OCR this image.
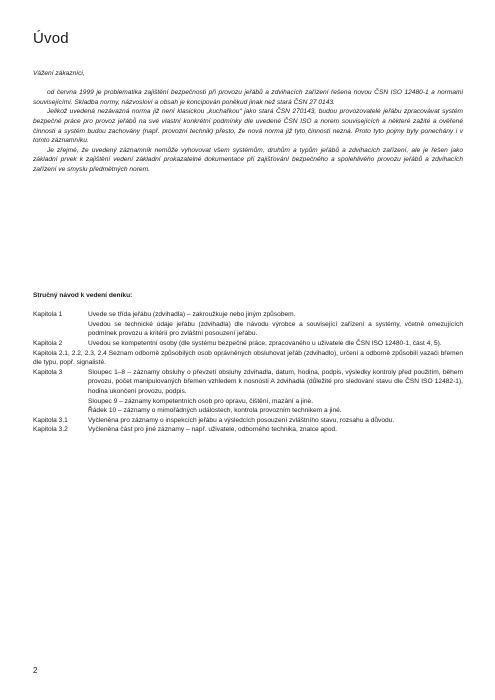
Úvod

Vážení zákazníci,

od června 1999 je problematika zajištění bezpečnosti při provozu jeřábů a zdvihacích zařízení řešena novou ČSN ISO 12480-1 a normami souvisejícími. Skladba normy, názvosloví a obsah je koncipován poněkud jinak než stará ČSN 27 0143.

Jelikož uvedená nezávazná norma již není klasickou „kuchařkou“ jako stará ČSN 270143, budou provozovatelé jeřábu zpracovávat systém bezpečné práce pro provoz jeřábů na své vlastní konkrétní podmínky dle uvedené ČSN ISO a norem souvisejících a některé zažité a ověřené činnosti a systém budou zachovány (např. provozní technik) přesto, že nová norma již tyto činnosti nezná. Proto tyto pojmy byly ponechány i v tomto záznamníku.

Je zřejmé, že uvedený záznamník nemůže vyhovovat všem systémům, druhům a typům jeřábů a zdvihacích zařízení, ale je řešen jako základní prvek k zajištění vedení základní prokazatelné dokumentace při zajišťování bezpečného a spolehlivého provozu jeřábů a zdvihacích zařízení ve smyslu předmětných norem.

Stručný návod k vedení deníku:
Kapitola 1	Uvede se třída jeřábu (zdvihadla) – zakroužkuje nebo jiným způsobem.
Uvedou se technické údaje jeřábu (zdvihadla) dle návodu výrobce a související zařízení a systémy, včetně omezujících podmínek provozu a kritérií pro zvláštní posouzení jeřábu.
Kapitola 2	Uvedou se kompetentní osoby (dle systému bezpečné práce, zpracovaného u uživatele dle ČSN ISO 12480-1, část 4, 5).
Kapitola 2.1, 2.2, 2.3, 2.4 Seznam odborně způsobilých osob oprávněných obsluhovat jeřáb (zdvihadlo), určení a odborně způsobilí vazači břemen dle typu, popř. signalisté.
Kapitola 3	Sloupec 1–8 – záznamy obsluhy o převzetí obsluhy zdvihadla, datum, hodina, podpis, výsledky kontroly před použitím, během provozu, počet manipulovaných břemen vzhledem k nosnosti A zdvihadla (důležité pro sledování stavu dle ČSN ISO 12482-1), hodina ukončení provozu, podpis.
Sloupec 9 – záznamy kompetentních osob pro opravu, čištění, mazání a jiné.
Řádek 10 – záznamy o mimořádných událostech, kontrola provozním technikem a jiné.
Kapitola 3.1	Vyčleněna pro záznamy o inspekcích jeřábu a výsledcích posouzení zvláštního stavu, rozsahu a důvodu.
Kapitola 3.2	Vyčleněna část pro jiné záznamy – např. uživatele, odborného technika, znalce apod.
2
